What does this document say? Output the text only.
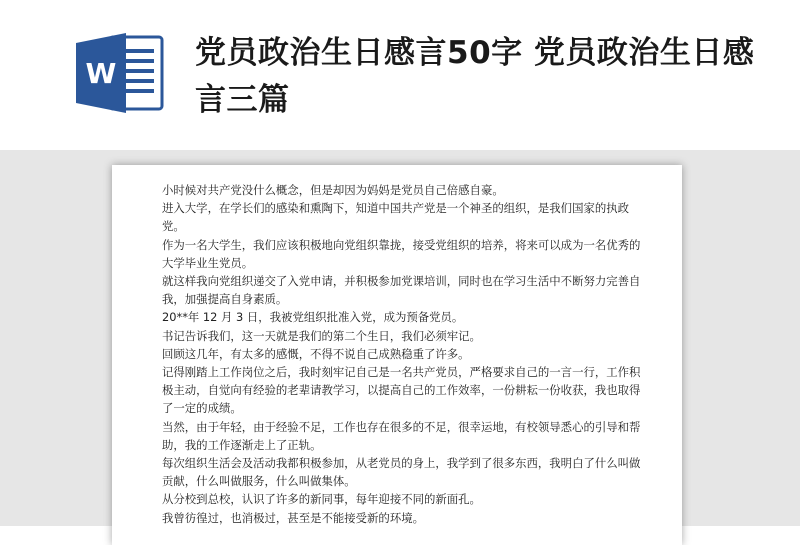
W
党员政治生日感言50字 党员政治生日感言三篇

小时候对共产党没什么概念，但是却因为妈妈是党员自己倍感自豪。

进入大学，在学长们的感染和熏陶下，知道中国共产党是一个神圣的组织，是我们国家的执政党。

作为一名大学生，我们应该积极地向党组织靠拢，接受党组织的培养，将来可以成为一名优秀的大学毕业生党员。

就这样我向党组织递交了入党申请，并积极参加党课培训，同时也在学习生活中不断努力完善自我，加强提高自身素质。

20**年 12 月 3 日，我被党组织批准入党，成为预备党员。

书记告诉我们，这一天就是我们的第二个生日，我们必须牢记。

回顾这几年，有太多的感慨，不得不说自己成熟稳重了许多。

记得刚踏上工作岗位之后，我时刻牢记自己是一名共产党员，严格要求自己的一言一行，工作积极主动，自觉向有经验的老辈请教学习，以提高自己的工作效率，一份耕耘一份收获，我也取得了一定的成绩。

当然，由于年轻，由于经验不足，工作也存在很多的不足，很幸运地，有校领导悉心的引导和帮助，我的工作逐渐走上了正轨。

每次组织生活会及活动我都积极参加，从老党员的身上，我学到了很多东西，我明白了什么叫做贡献，什么叫做服务，什么叫做集体。

从分校到总校，认识了许多的新同事，每年迎接不同的新面孔。

我曾彷徨过，也消极过，甚至是不能接受新的环境。
